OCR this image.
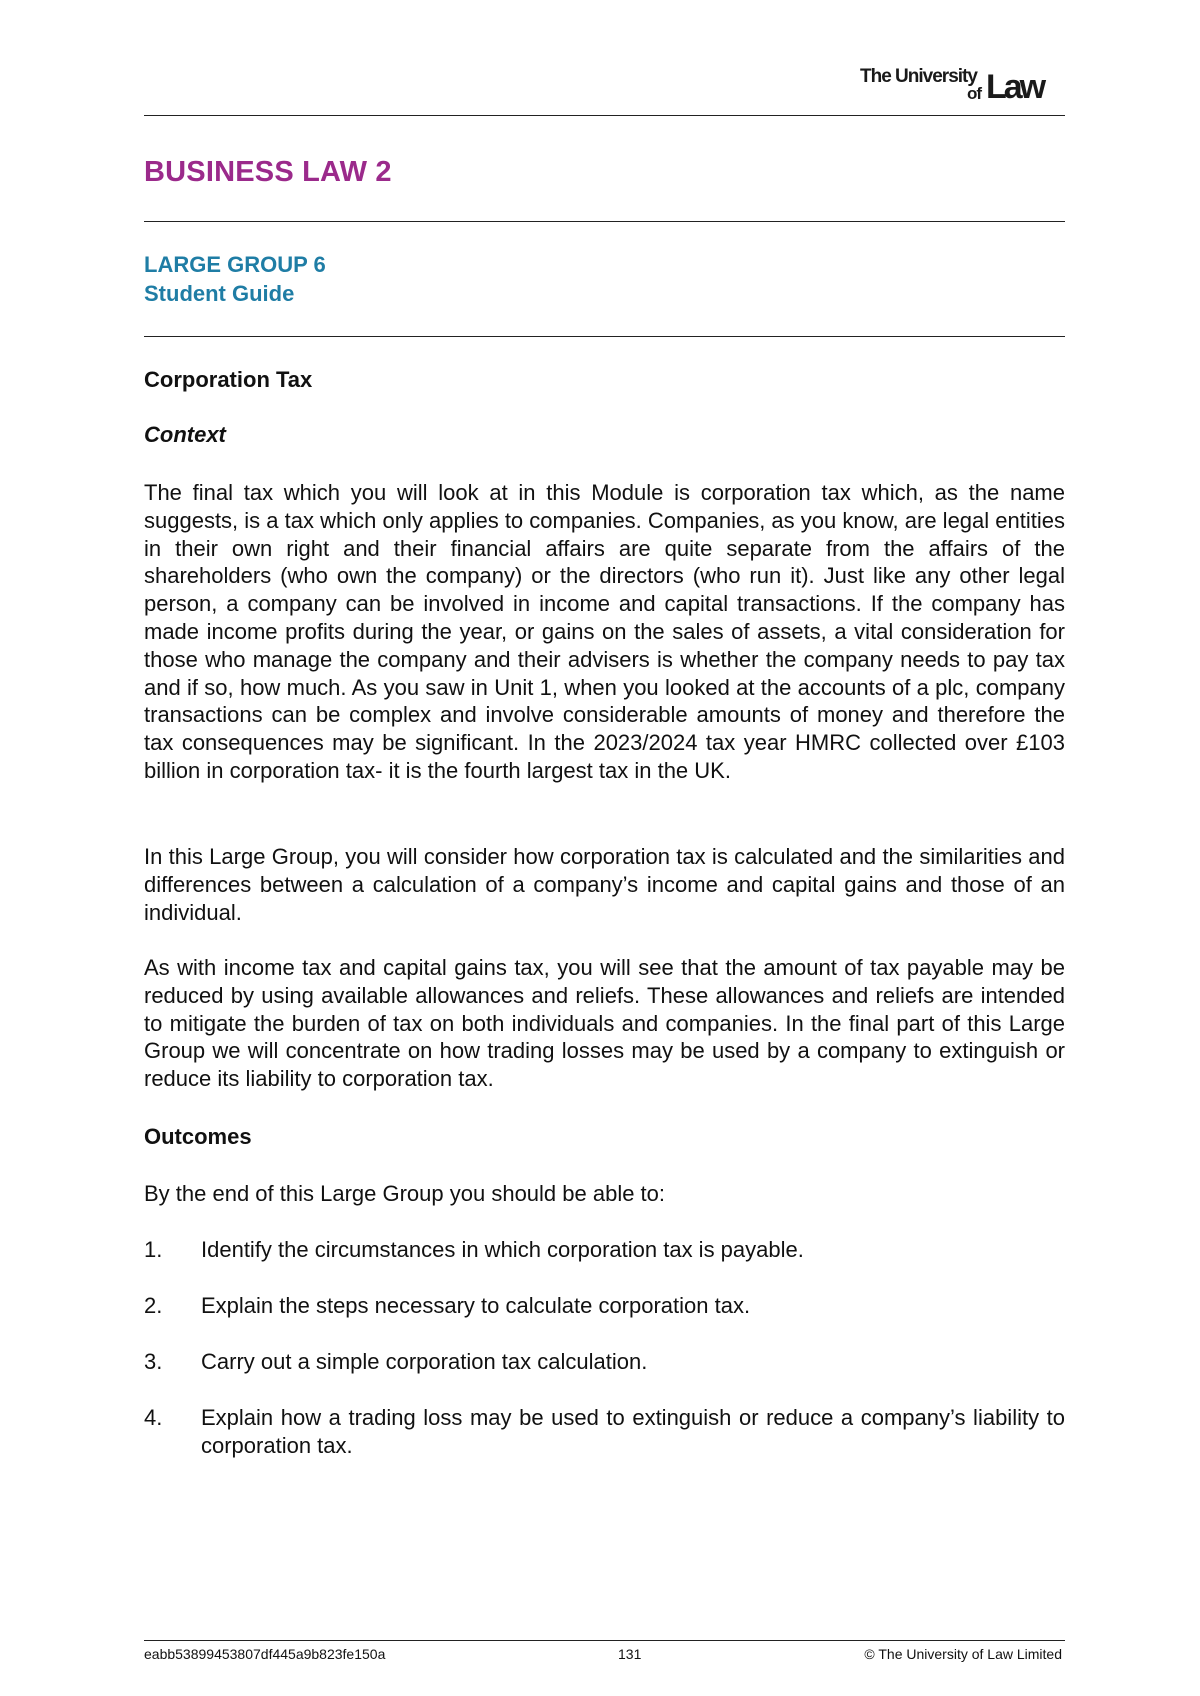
The University
of Law
BUSINESS LAW 2
LARGE GROUP 6
Student Guide
Corporation Tax
Context

The final tax which you will look at in this Module is corporation tax which, as the name suggests, is a tax which only applies to companies. Companies, as you know, are legal entities in their own right and their financial affairs are quite separate from the affairs of the shareholders (who own the company) or the directors (who run it). Just like any other legal person, a company can be involved in income and capital transactions. If the company has made income profits during the year, or gains on the sales of assets, a vital consideration for those who manage the company and their advisers is whether the company needs to pay tax and if so, how much. As you saw in Unit 1, when you looked at the accounts of a plc, company transactions can be complex and involve considerable amounts of money and therefore the tax consequences may be significant. In the 2023/2024 tax year HMRC collected over £103 billion in corporation tax- it is the fourth largest tax in the UK.

In this Large Group, you will consider how corporation tax is calculated and the similarities and differences between a calculation of a company’s income and capital gains and those of an individual.

As with income tax and capital gains tax, you will see that the amount of tax payable may be reduced by using available allowances and reliefs. These allowances and reliefs are intended to mitigate the burden of tax on both individuals and companies. In the final part of this Large Group we will concentrate on how trading losses may be used by a company to extinguish or reduce its liability to corporation tax.

Outcomes

By the end of this Large Group you should be able to:

1. Identify the circumstances in which corporation tax is payable.
2. Explain the steps necessary to calculate corporation tax.
3. Carry out a simple corporation tax calculation.
4. Explain how a trading loss may be used to extinguish or reduce a company’s liability to corporation tax.
eabb53899453807df445a9b823fe150a	131	© The University of Law Limited
